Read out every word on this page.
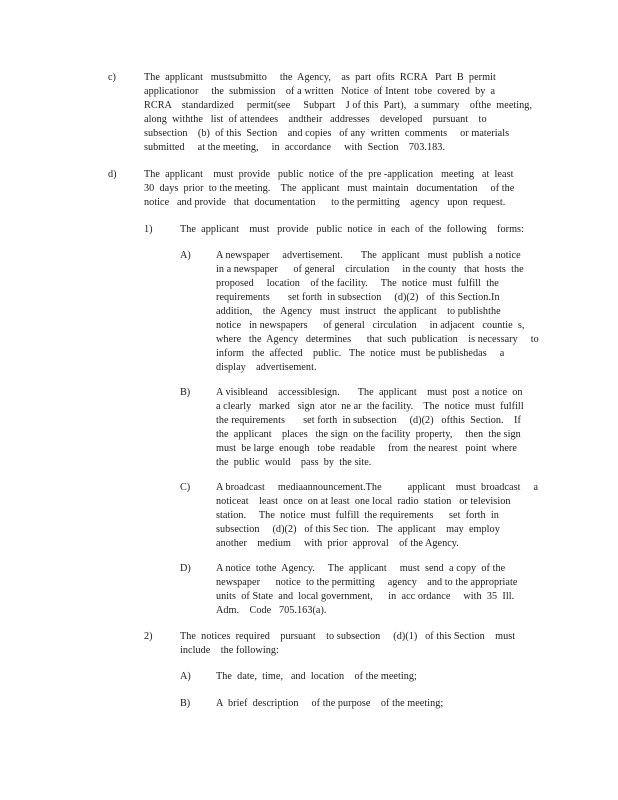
c)	The  applicant   mustsubmitto     the  Agency,    as  part  ofits  RCRA   Part  B  permit
applicationor     the  submission    of a written   Notice  of Intent  tobe  covered  by  a
RCRA    standardized     permit(see     Subpart    J of this  Part),   a summary    ofthe  meeting,
along  withthe   list  of attendees    andtheir   addresses    developed    pursuant    to
subsection    (b)  of this  Section    and copies   of any  written  comments     or materials
submitted     at the meeting,     in  accordance     with  Section    703.183.
d)	The  applicant    must  provide   public  notice  of the  pre -application   meeting   at  least
30  days  prior  to the meeting.    The  applicant   must  maintain   documentation     of the
notice   and provide   that  documentation      to the permitting    agency   upon  request.
1)	The  applicant    must   provide   public  notice  in  each  of  the  following    forms:
A) A newspaper     advertisement.       The  applicant   must  publish  a notice
in a newspaper      of general    circulation     in the county   that  hosts  the
proposed     location    of the facility.     The  notice  must  fulfill  the
requirements       set forth  in subsection     (d)(2)   of  this Section.In
addition,    the  Agency   must  instruct   the applicant    to publishthe
notice   in newspapers      of general   circulation     in adjacent   countie  s,
where   the  Agency   determines      that  such  publication    is necessary     to
inform   the  affected    public.   The  notice  must  be publishedas     a
display    advertisement.
B)	A visibleand    accessiblesign.       The  applicant    must  post  a notice  on
a clearly   marked   sign  ator  ne ar  the facility.    The  notice  must  fulfill
the requirements       set forth  in subsection     (d)(2)   ofthis  Section.    If
the  applicant    places   the sign  on the facility  property,     then  the sign
must  be large  enough   tobe  readable     from  the nearest   point  where
the  public  would    pass  by  the site.
C)	A broadcast     mediaannouncement.The          applicant    must  broadcast     a
noticeat    least  once  on at least  one local  radio  station   or television
station.     The  notice  must  fulfill  the requirements      set  forth  in
subsection     (d)(2)   of this Sec tion.   The  applicant    may  employ
another    medium     with  prior  approval    of the Agency.
D) A notice  tothe  Agency.     The  applicant     must  send  a copy  of the
newspaper      notice  to the permitting     agency    and to the appropriate
units  of State  and  local government,      in  acc ordance     with  35  Ill.
Adm.    Code   705.163(a).
2)	The  notices  required    pursuant    to subsection     (d)(1)   of this Section    must
include    the following:
A) The  date,  time,   and  location    of the meeting;
B)	A  brief  description     of the purpose    of the meeting;
